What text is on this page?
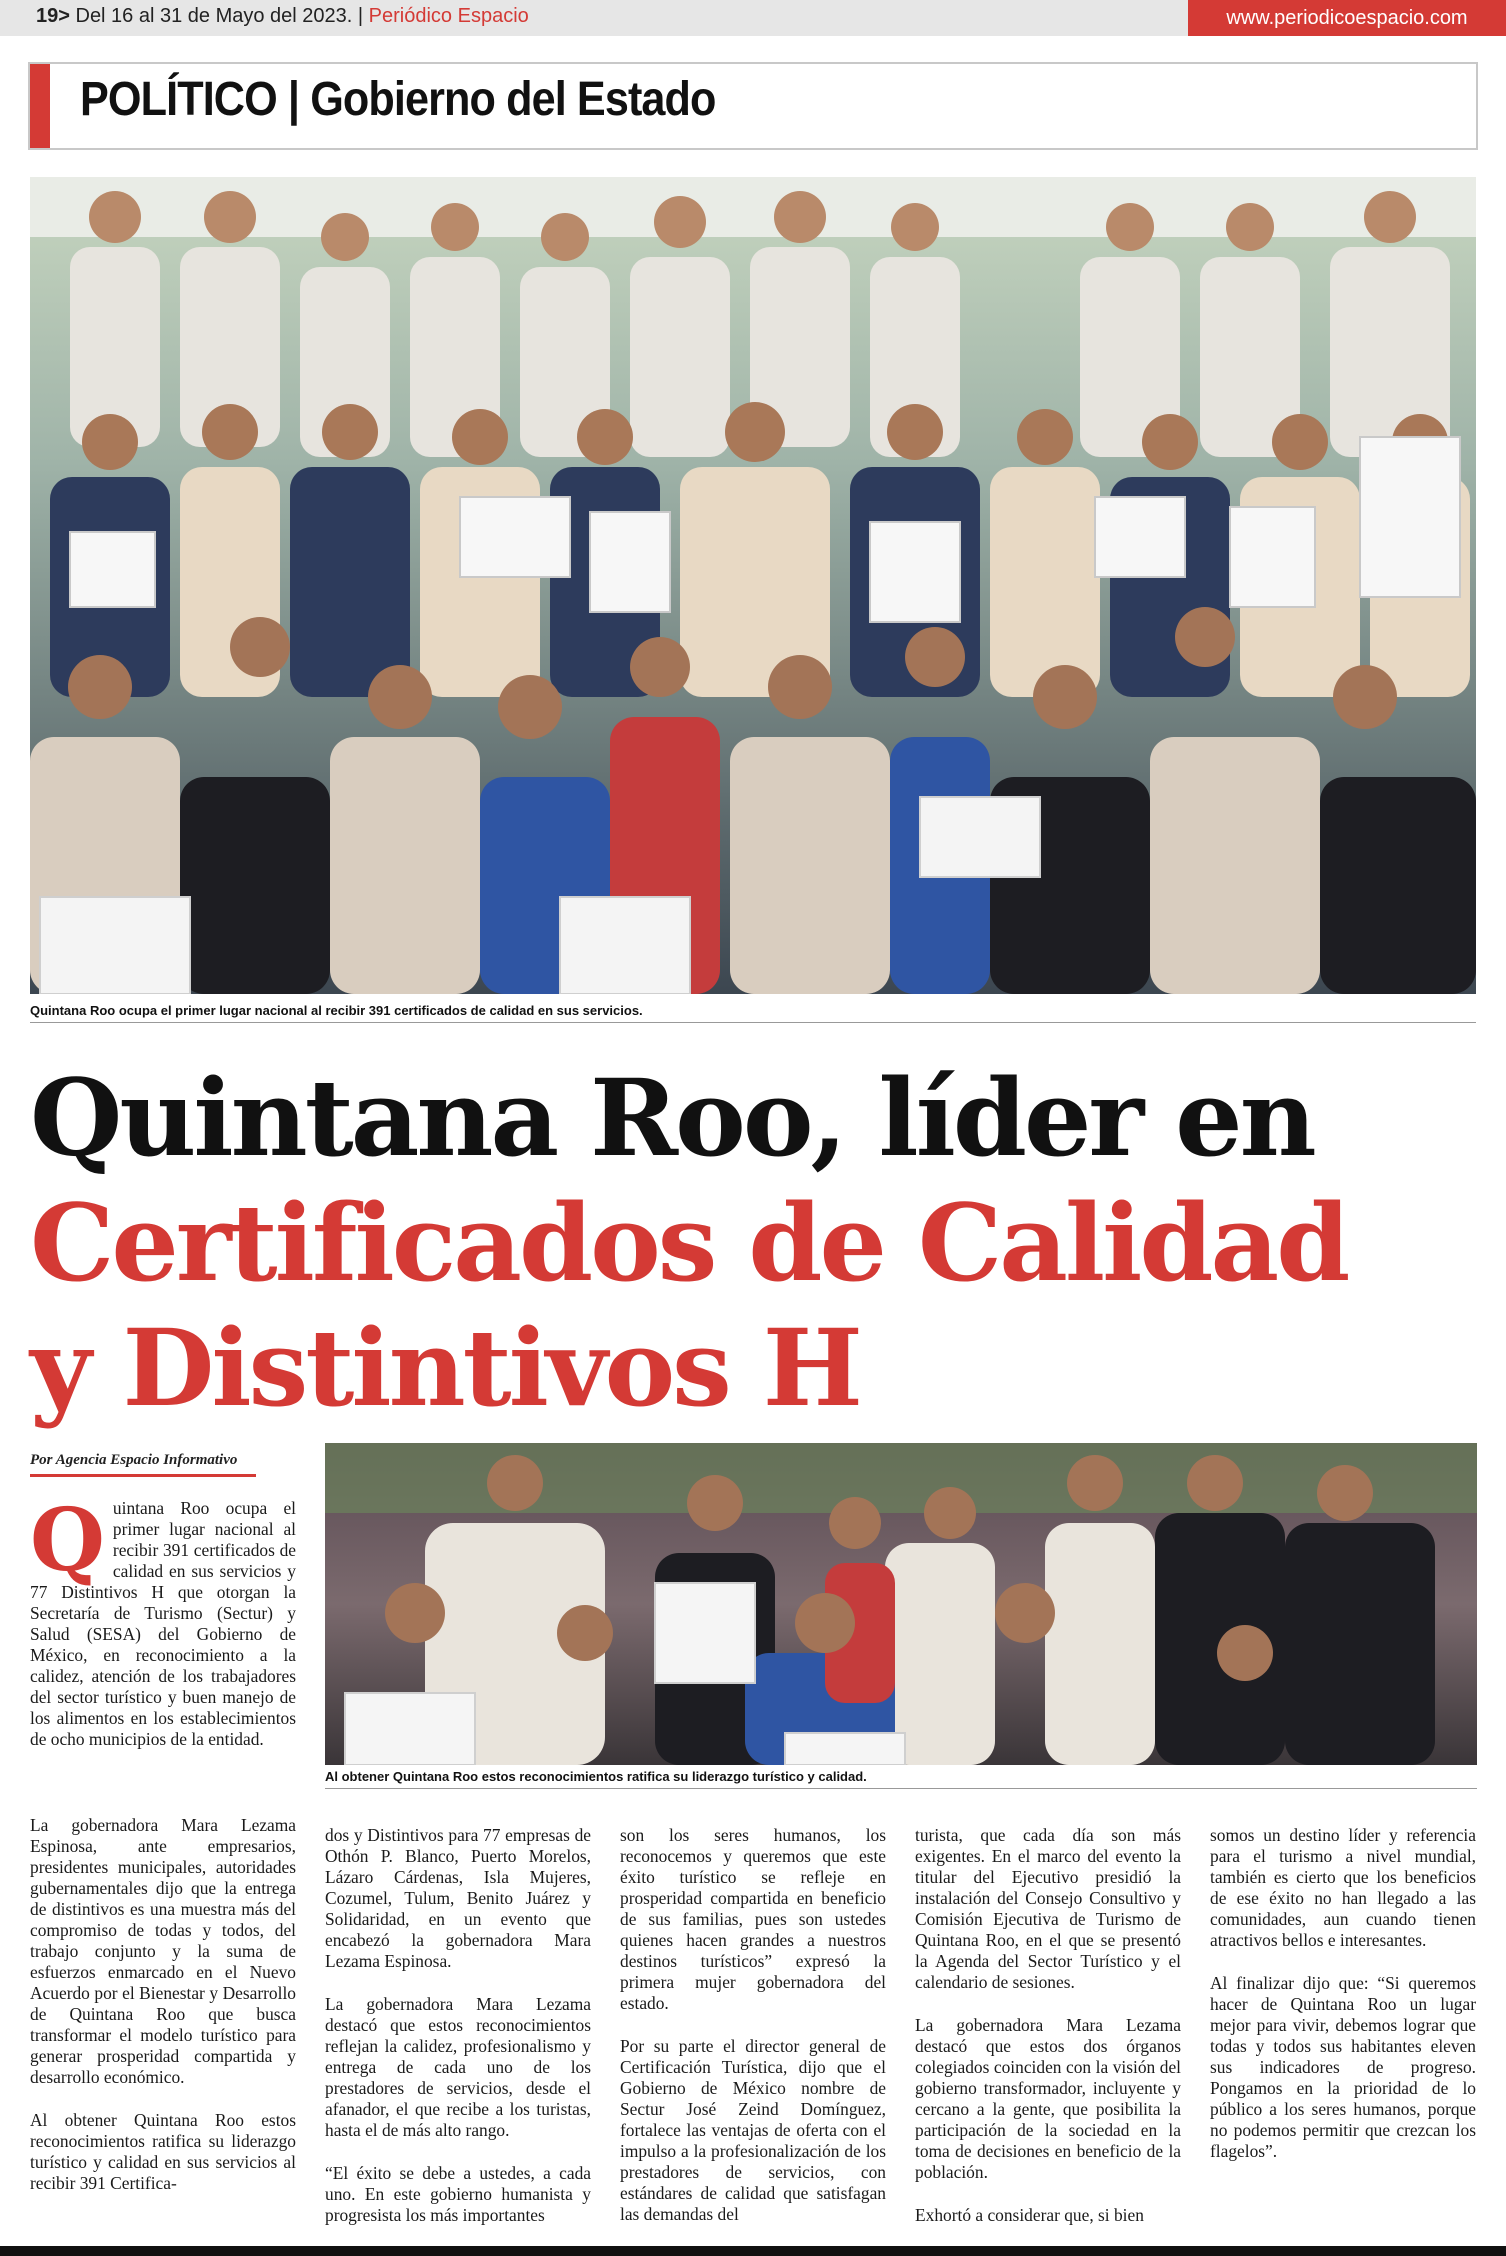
19> Del 16 al 31 de Mayo del 2023. | Periódico Espacio	www.periodicoespacio.com
POLÍTICO | Gobierno del Estado
Quintana Roo ocupa el primer lugar nacional al recibir 391 certificados de calidad en sus servicios.
Quintana Roo, líder en
Certificados de Calidad
y Distintivos H
Por Agencia Espacio Informativo
Al obtener Quintana Roo estos reconocimientos ratifica su liderazgo turístico y calidad.
Quintana Roo ocupa el primer lugar nacional al recibir 391 certificados de calidad en sus servicios y 77 Distintivos H que otorgan la Secretaría de Turismo (Sectur) y Salud (SESA) del Gobierno de México, en reconocimiento a la calidez, atención de los trabajadores del sector turístico y buen manejo de los alimentos en los establecimientos de ocho municipios de la entidad.

La gobernadora Mara Lezama Espinosa, ante empresarios, presidentes municipales, autoridades gubernamentales dijo que la entrega de distintivos es una muestra más del compromiso de todas y todos, del trabajo conjunto y la suma de esfuerzos enmarcado en el Nuevo Acuerdo por el Bienestar y Desarrollo de Quintana Roo que busca transformar el modelo turístico para generar prosperidad compartida y desarrollo económico.

Al obtener Quintana Roo estos reconocimientos ratifica su liderazgo turístico y calidad en sus servicios al recibir 391 Certifica-

dos y Distintivos para 77 empresas de Othón P. Blanco, Puerto Morelos, Lázaro Cárdenas, Isla Mujeres, Cozumel, Tulum, Benito Juárez y Solidaridad, en un evento que encabezó la gobernadora Mara Lezama Espinosa.

La gobernadora Mara Lezama destacó que estos reconocimientos reflejan la calidez, profesionalismo y entrega de cada uno de los prestadores de servicios, desde el afanador, el que recibe a los turistas, hasta el de más alto rango.

“El éxito se debe a ustedes, a cada uno. En este gobierno humanista y progresista los más importantes

son los seres humanos, los reconocemos y queremos que este éxito turístico se refleje en prosperidad compartida en beneficio de sus familias, pues son ustedes quienes hacen grandes a nuestros destinos turísticos” expresó la primera mujer gobernadora del estado.

Por su parte el director general de Certificación Turística, dijo que el Gobierno de México nombre de Sectur José Zeind Domínguez, fortalece las ventajas de oferta con el impulso a la profesionalización de los prestadores de servicios, con estándares de calidad que satisfagan las demandas del

turista, que cada día son más exigentes. En el marco del evento la titular del Ejecutivo presidió la instalación del Consejo Consultivo y Comisión Ejecutiva de Turismo de Quintana Roo, en el que se presentó la Agenda del Sector Turístico y el calendario de sesiones.

La gobernadora Mara Lezama destacó que estos dos órganos colegiados coinciden con la visión del gobierno transformador, incluyente y cercano a la gente, que posibilita la participación de la sociedad en la toma de decisiones en beneficio de la población.

Exhortó a considerar que, si bien

somos un destino líder y referencia para el turismo a nivel mundial, también es cierto que los beneficios de ese éxito no han llegado a las comunidades, aun cuando tienen atractivos bellos e interesantes.

Al finalizar dijo que: “Si queremos hacer de Quintana Roo un lugar mejor para vivir, debemos lograr que todas y todos sus habitantes eleven sus indicadores de progreso. Pongamos en la prioridad de lo público a los seres humanos, porque no podemos permitir que crezcan los flagelos”.
